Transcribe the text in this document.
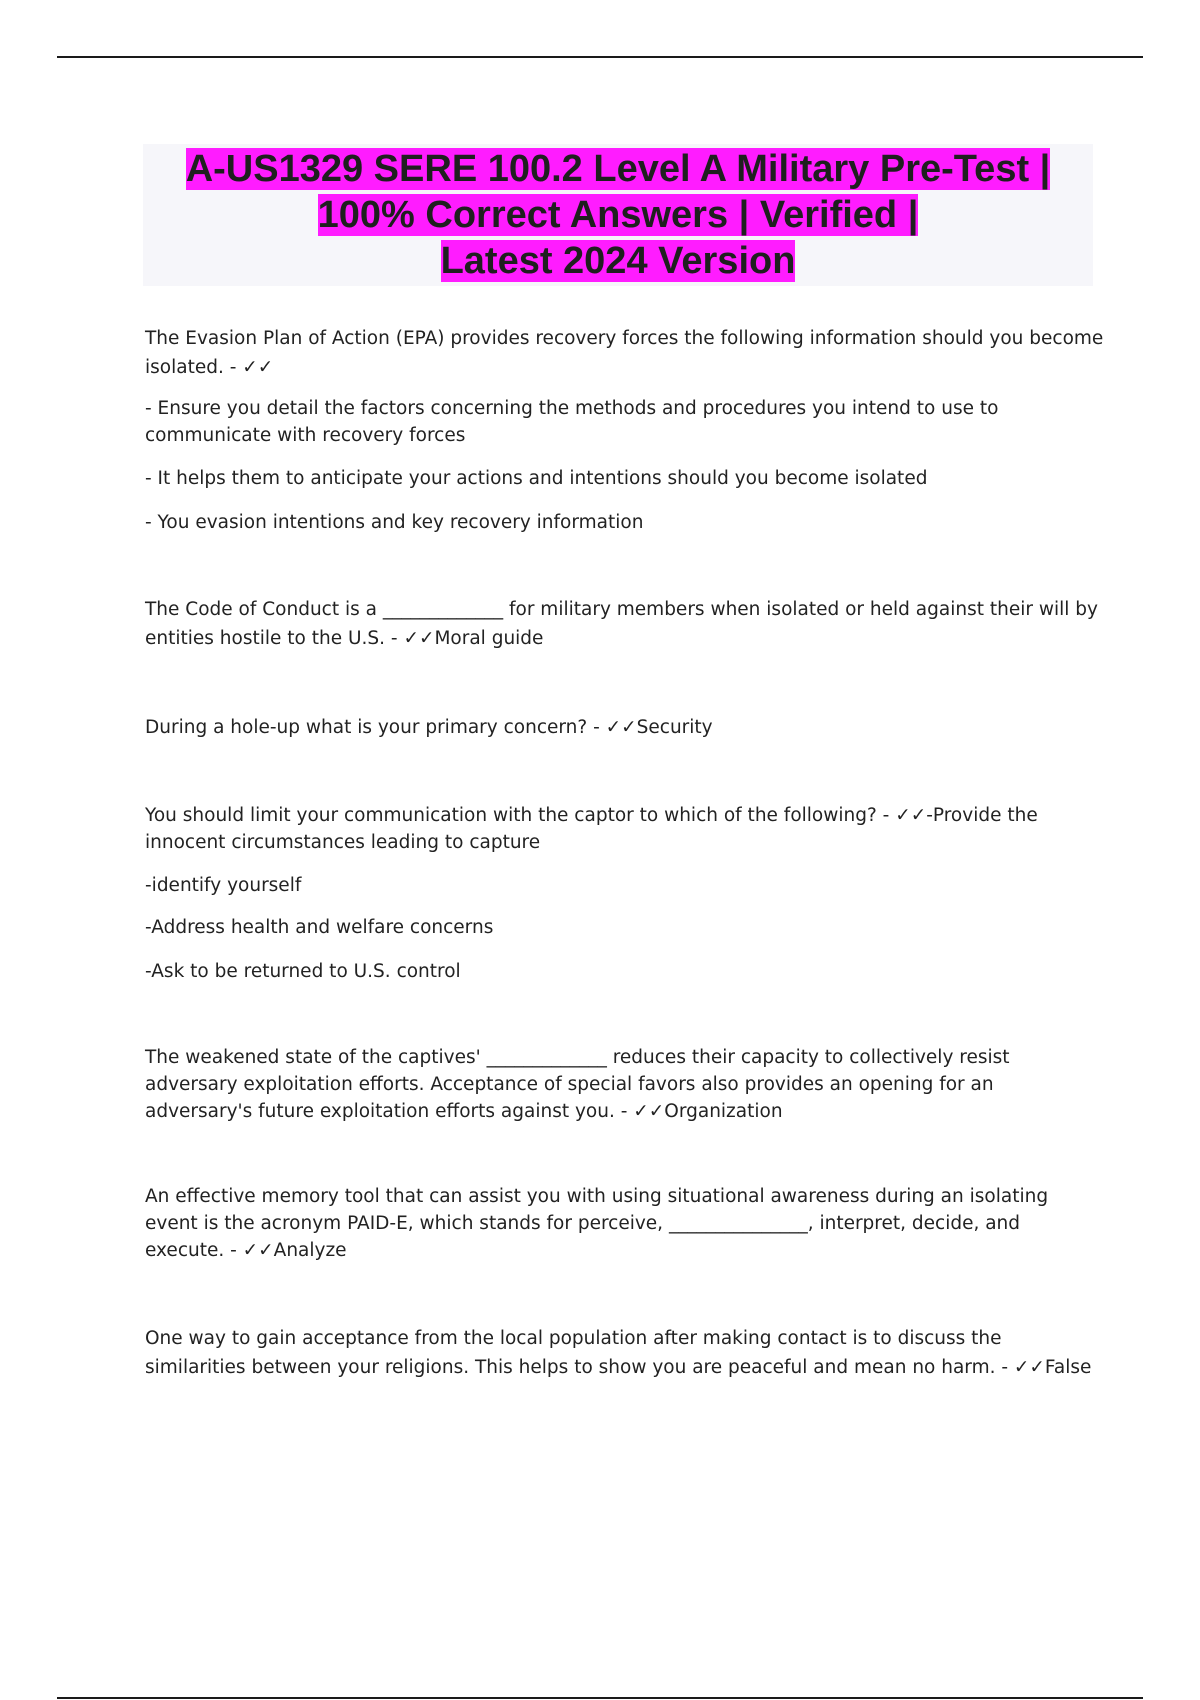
A-US1329 SERE 100.2 Level A Military Pre-Test |
100% Correct Answers | Verified |
Latest 2024 Version

The Evasion Plan of Action (EPA) provides recovery forces the following information should you become isolated. - ✓✓

- Ensure you detail the factors concerning the methods and procedures you intend to use to communicate with recovery forces

- It helps them to anticipate your actions and intentions should you become isolated

- You evasion intentions and key recovery information

The Code of Conduct is a _____________ for military members when isolated or held against their will by entities hostile to the U.S. - ✓✓Moral guide

During a hole-up what is your primary concern? - ✓✓Security

You should limit your communication with the captor to which of the following? - ✓✓-Provide the innocent circumstances leading to capture

-identify yourself

-Address health and welfare concerns

-Ask to be returned to U.S. control

The weakened state of the captives' _____________ reduces their capacity to collectively resist adversary exploitation efforts. Acceptance of special favors also provides an opening for an adversary's future exploitation efforts against you. - ✓✓Organization

An effective memory tool that can assist you with using situational awareness during an isolating event is the acronym PAID-E, which stands for perceive, _______________, interpret, decide, and execute. - ✓✓Analyze

One way to gain acceptance from the local population after making contact is to discuss the similarities between your religions. This helps to show you are peaceful and mean no harm. - ✓✓False
